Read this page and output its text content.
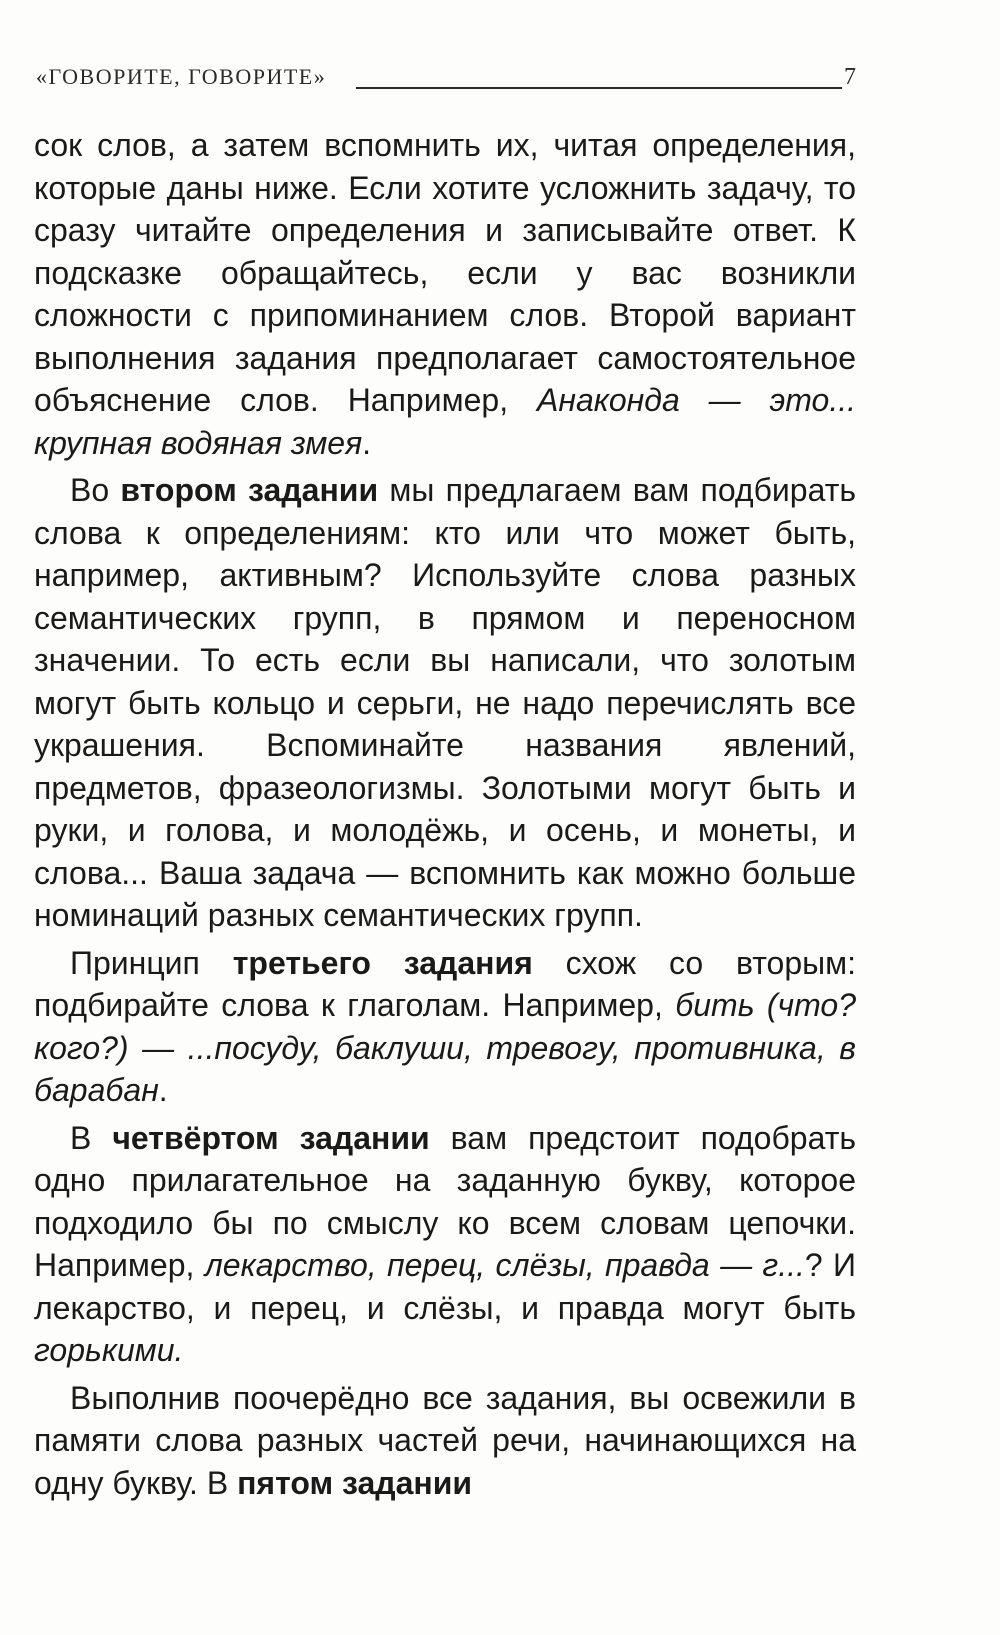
«ГОВОРИТЕ, ГОВОРИТЕ»	7

сок слов, а затем вспомнить их, читая определения, которые даны ниже. Если хотите усложнить задачу, то сразу читайте определения и записывайте ответ. К подсказке обращайтесь, если у вас возникли сложности с припоминанием слов. Второй вариант выполнения задания предполагает самостоятельное объяснение слов. Например, Анаконда — это... крупная водяная змея.

Во втором задании мы предлагаем вам подбирать слова к определениям: кто или что может быть, например, активным? Используйте слова разных семантических групп, в прямом и переносном значении. То есть если вы написали, что золотым могут быть кольцо и серьги, не надо перечислять все украшения. Вспоминайте названия явлений, предметов, фразеологизмы. Золотыми могут быть и руки, и голова, и молодёжь, и осень, и монеты, и слова... Ваша задача — вспомнить как можно больше номинаций разных семантических групп.

Принцип третьего задания схож со вторым: подбирайте слова к глаголам. Например, бить (что? кого?) — ...посуду, баклуши, тревогу, противника, в барабан.

В четвёртом задании вам предстоит подобрать одно прилагательное на заданную букву, которое подходило бы по смыслу ко всем словам цепочки. Например, лекарство, перец, слёзы, правда — г...? И лекарство, и перец, и слёзы, и правда могут быть горькими.

Выполнив поочерёдно все задания, вы освежили в памяти слова разных частей речи, начинающихся на одну букву. В пятом задании
